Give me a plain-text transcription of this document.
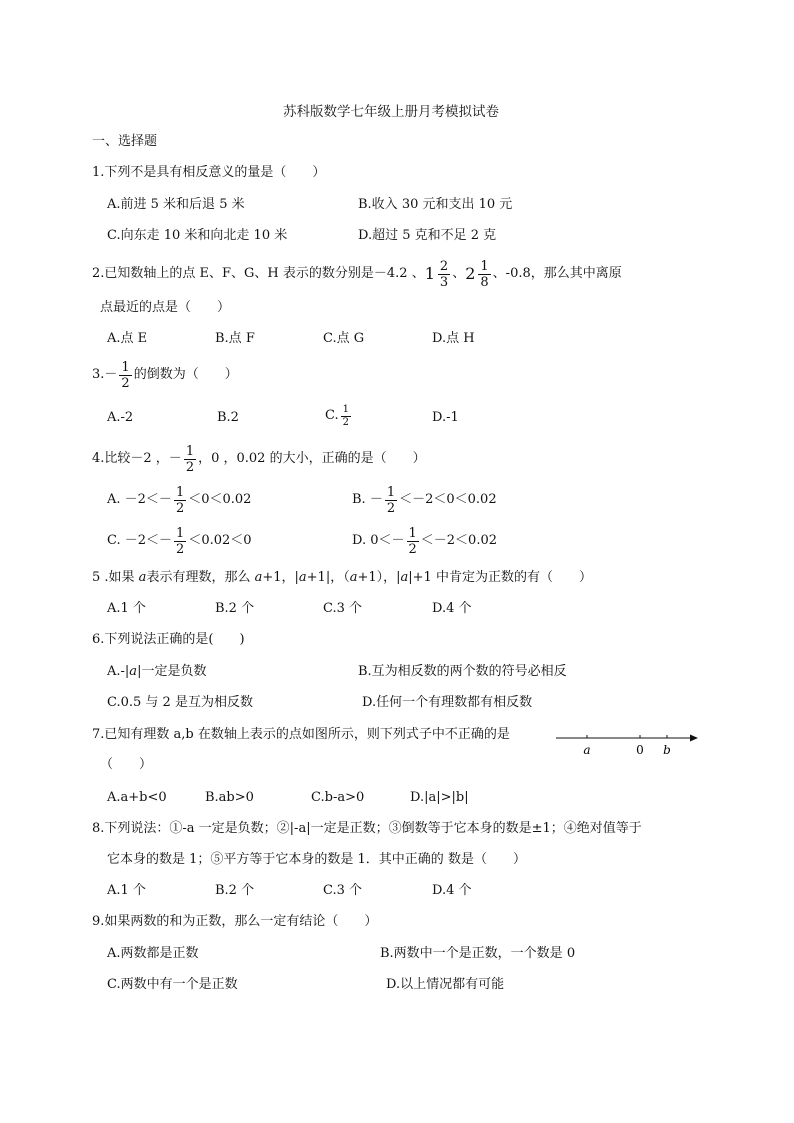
苏科版数学七年级上册月考模拟试卷
一、选择题
1.下列不是具有相反意义的量是（　　）
A.前进 5 米和后退 5 米	B.收入 30 元和支出 10 元
C.向东走 10 米和向北走 10 米	D.超过 5 克和不足 2 克
2.已知数轴上的点 E、F、G、H 表示的数分别是－4.2 、 $1 \frac{2}{3}$ 、 $2 \frac{1}{8}$ 、-0.8，那么其中离原
点最近的点是（　　）
A.点 E	B.点 F	C.点 G	D.点 H
$3.- \frac{1}{2}$ 的倒数为（　　）
A.-2	B.2	C. $\frac{1}{2}$	D.-1
4.比较－2 ，－ $\frac{1}{2}$ ，0 ，0.02 的大小，正确的是（　　）
A. $-2<- \frac{1}{2} <0<0.02$	B. － $\frac{1}{2} <-2<0<0.02$
C. $-2<- \frac{1}{2} <0.02<0$	D. $0<- \frac{1}{2} <-2<0.02$
5 .如果 a表示有理数，那么 a+1，|a+1|，（a+1），|a|+1 中肯定为正数的有（　　）
A.1 个	B.2 个	C.3 个	D.4 个
6.下列说法正确的是(　　)
A.-|a|一定是负数	B.互为相反数的两个数的符号必相反
C.0.5 与 2 是互为相反数	D.任何一个有理数都有相反数
7.已知有理数 a,b 在数轴上表示的点如图所示，则下列式子中不正确的是
（　　）
a	0 b
A.a+b<0	B.ab>0	C.b-a>0	D.|a|>|b|
8.下列说法：①-a 一定是负数；②|-a|一定是正数；③倒数等于它本身的数是±1；④绝对值等于
它本身的数是 1；⑤平方等于它本身的数是 1．其中正确的 数是（　　）
A.1 个	B.2 个	C.3 个	D.4 个
9.如果两数的和为正数，那么一定有结论（　　）
A.两数都是正数	B.两数中一个是正数，一个数是 0
C.两数中有一个是正数	D.以上情况都有可能
